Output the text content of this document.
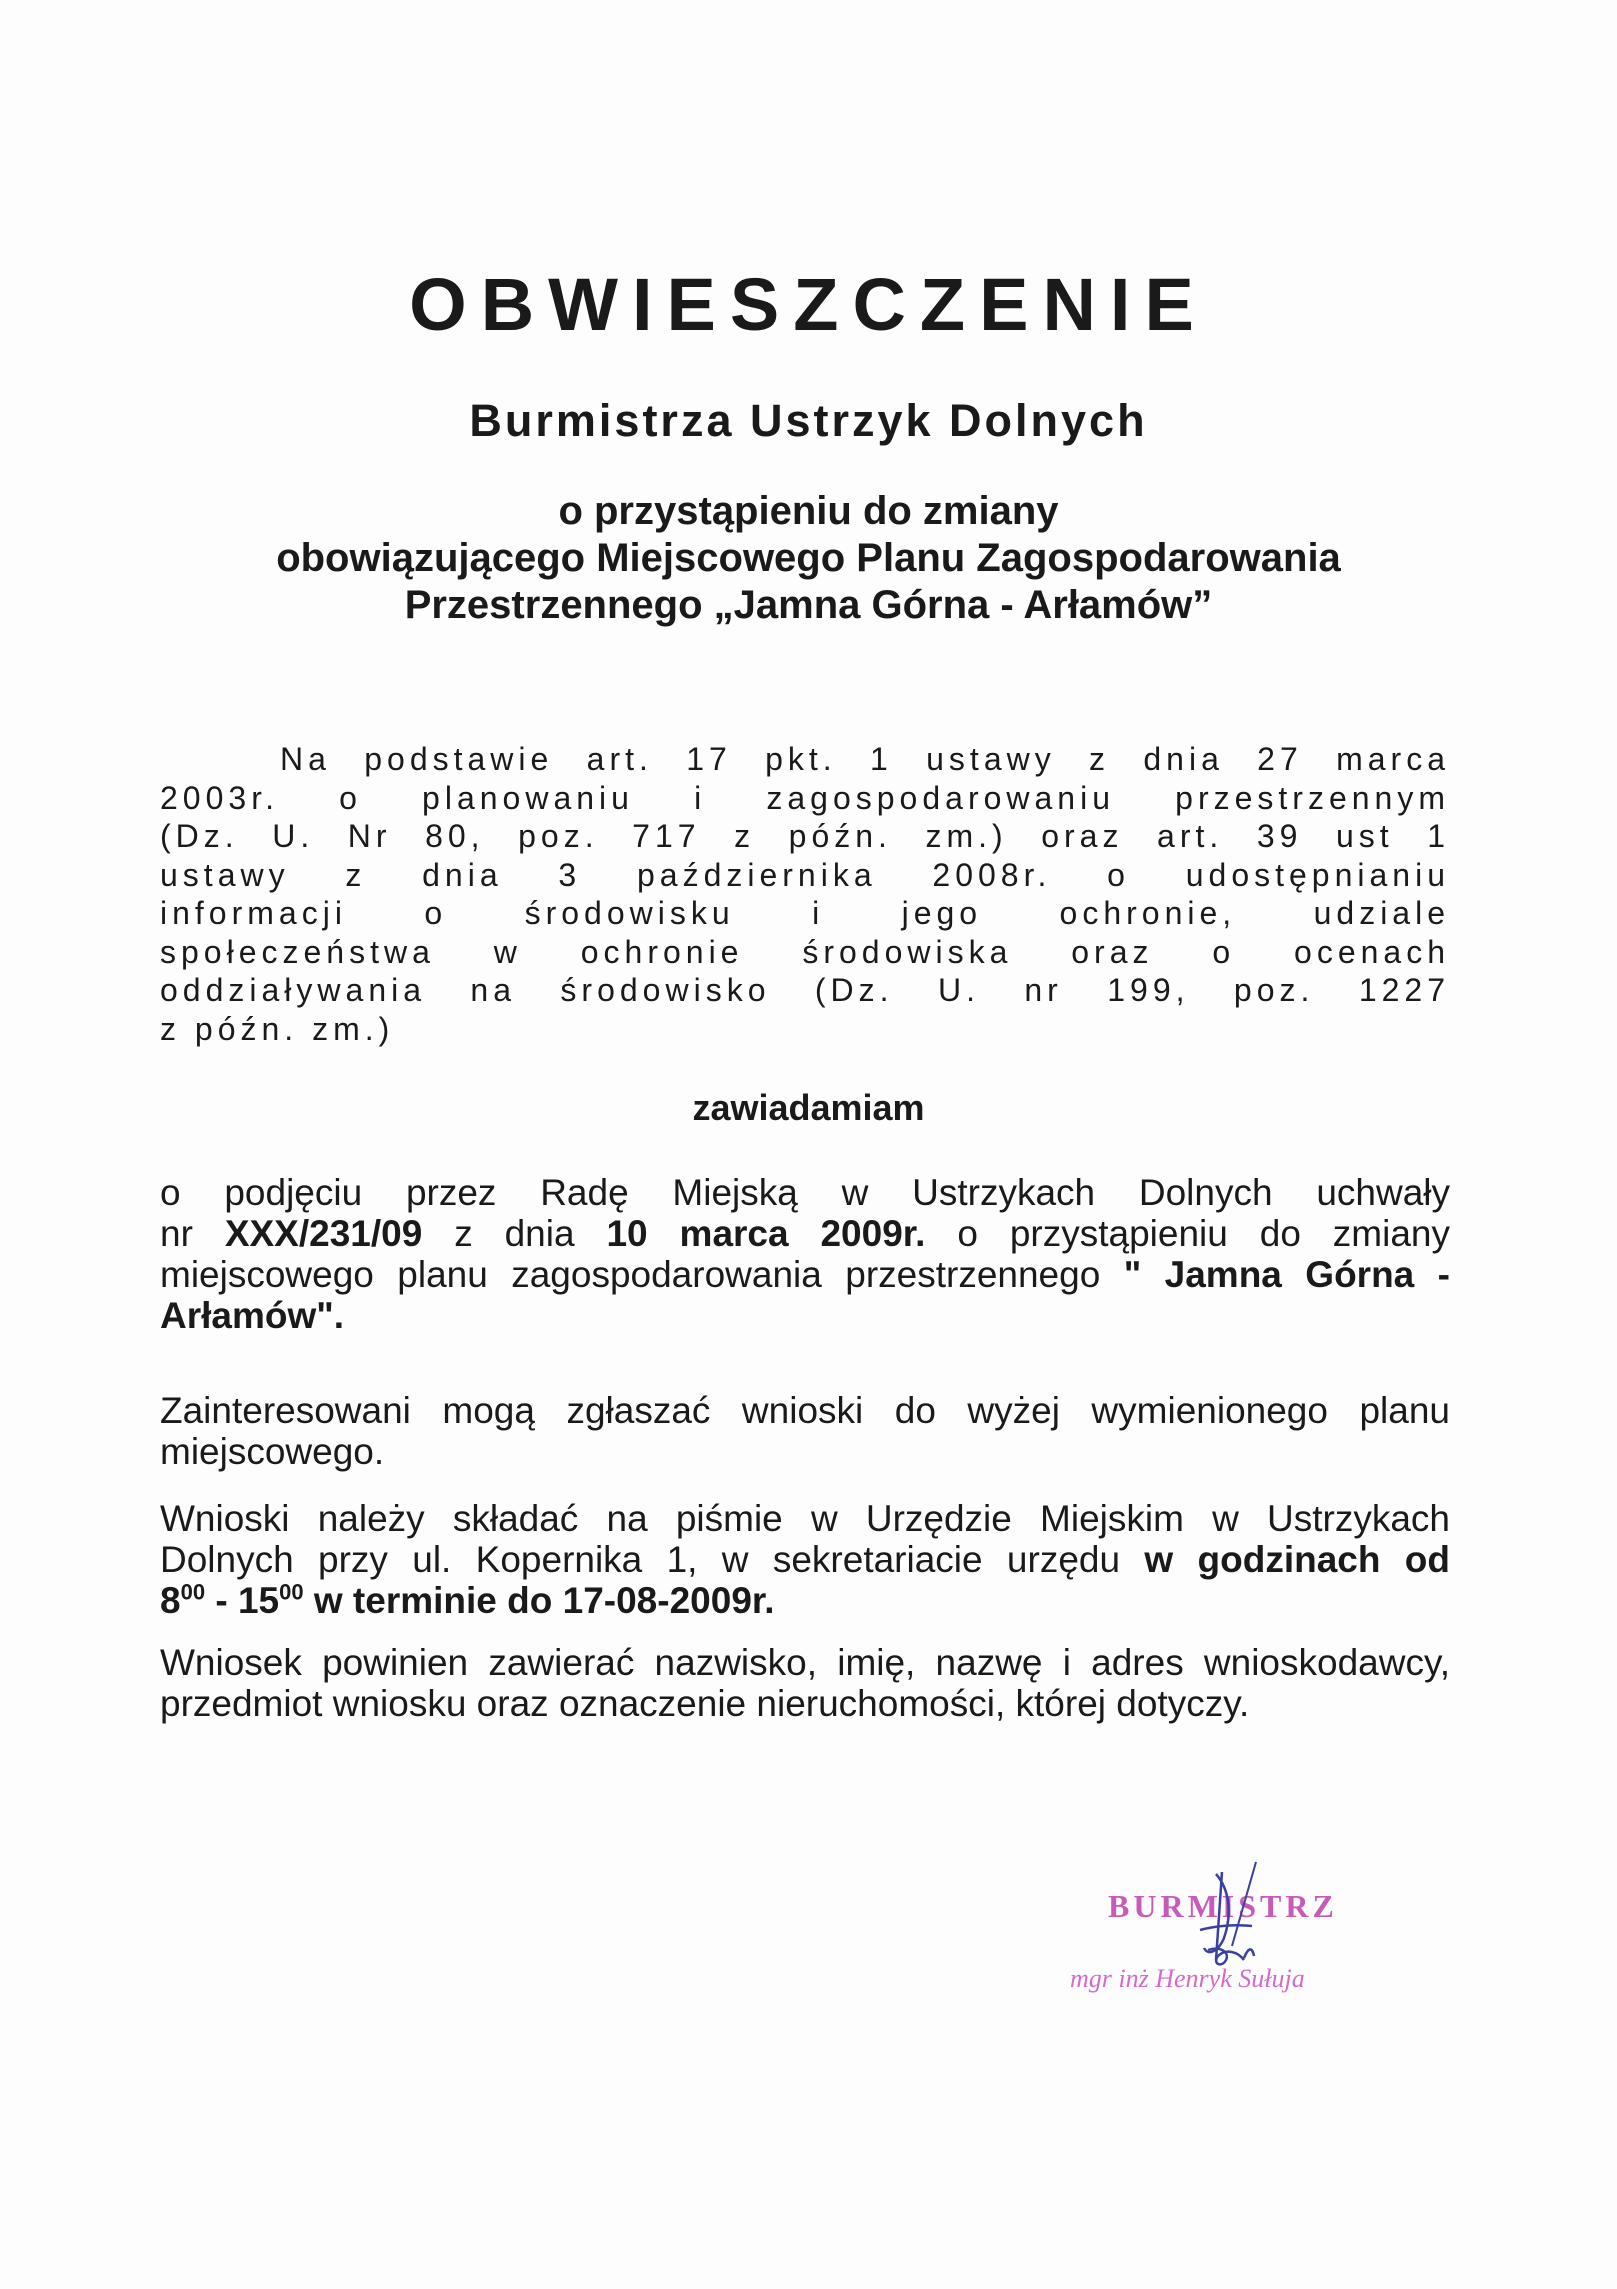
OBWIESZCZENIE
Burmistrza Ustrzyk Dolnych
o przystąpieniu do zmiany
obowiązującego Miejscowego Planu Zagospodarowania
Przestrzennego „Jamna Górna - Arłamów”
Na podstawie art. 17 pkt. 1 ustawy z dnia 27 marca
2003r. o planowaniu i zagospodarowaniu przestrzennym
(Dz. U. Nr 80, poz. 717 z późn. zm.) oraz art. 39 ust 1
ustawy z dnia 3 października 2008r. o udostępnianiu
informacji o środowisku i jego ochronie, udziale
społeczeństwa w ochronie środowiska oraz o ocenach
oddziaływania na środowisko (Dz. U. nr 199, poz. 1227
z późn. zm.)
zawiadamiam
o podjęciu przez Radę Miejską w Ustrzykach Dolnych uchwały
nr XXX/231/09 z dnia 10 marca 2009r. o przystąpieniu do zmiany
miejscowego planu zagospodarowania przestrzennego " Jamna Górna -
Arłamów".
Zainteresowani mogą zgłaszać wnioski do wyżej wymienionego planu
miejscowego.
Wnioski należy składać na piśmie w Urzędzie Miejskim w Ustrzykach
Dolnych przy ul. Kopernika 1, w sekretariacie urzędu w godzinach od
$8^{00} - 15^{00}$ w terminie do 17-08-2009r.
Wniosek powinien zawierać nazwisko, imię, nazwę i adres wnioskodawcy,
przedmiot wniosku oraz oznaczenie nieruchomości, której dotyczy.
BURMISTRZ
mgr inż Henryk Sułuja
